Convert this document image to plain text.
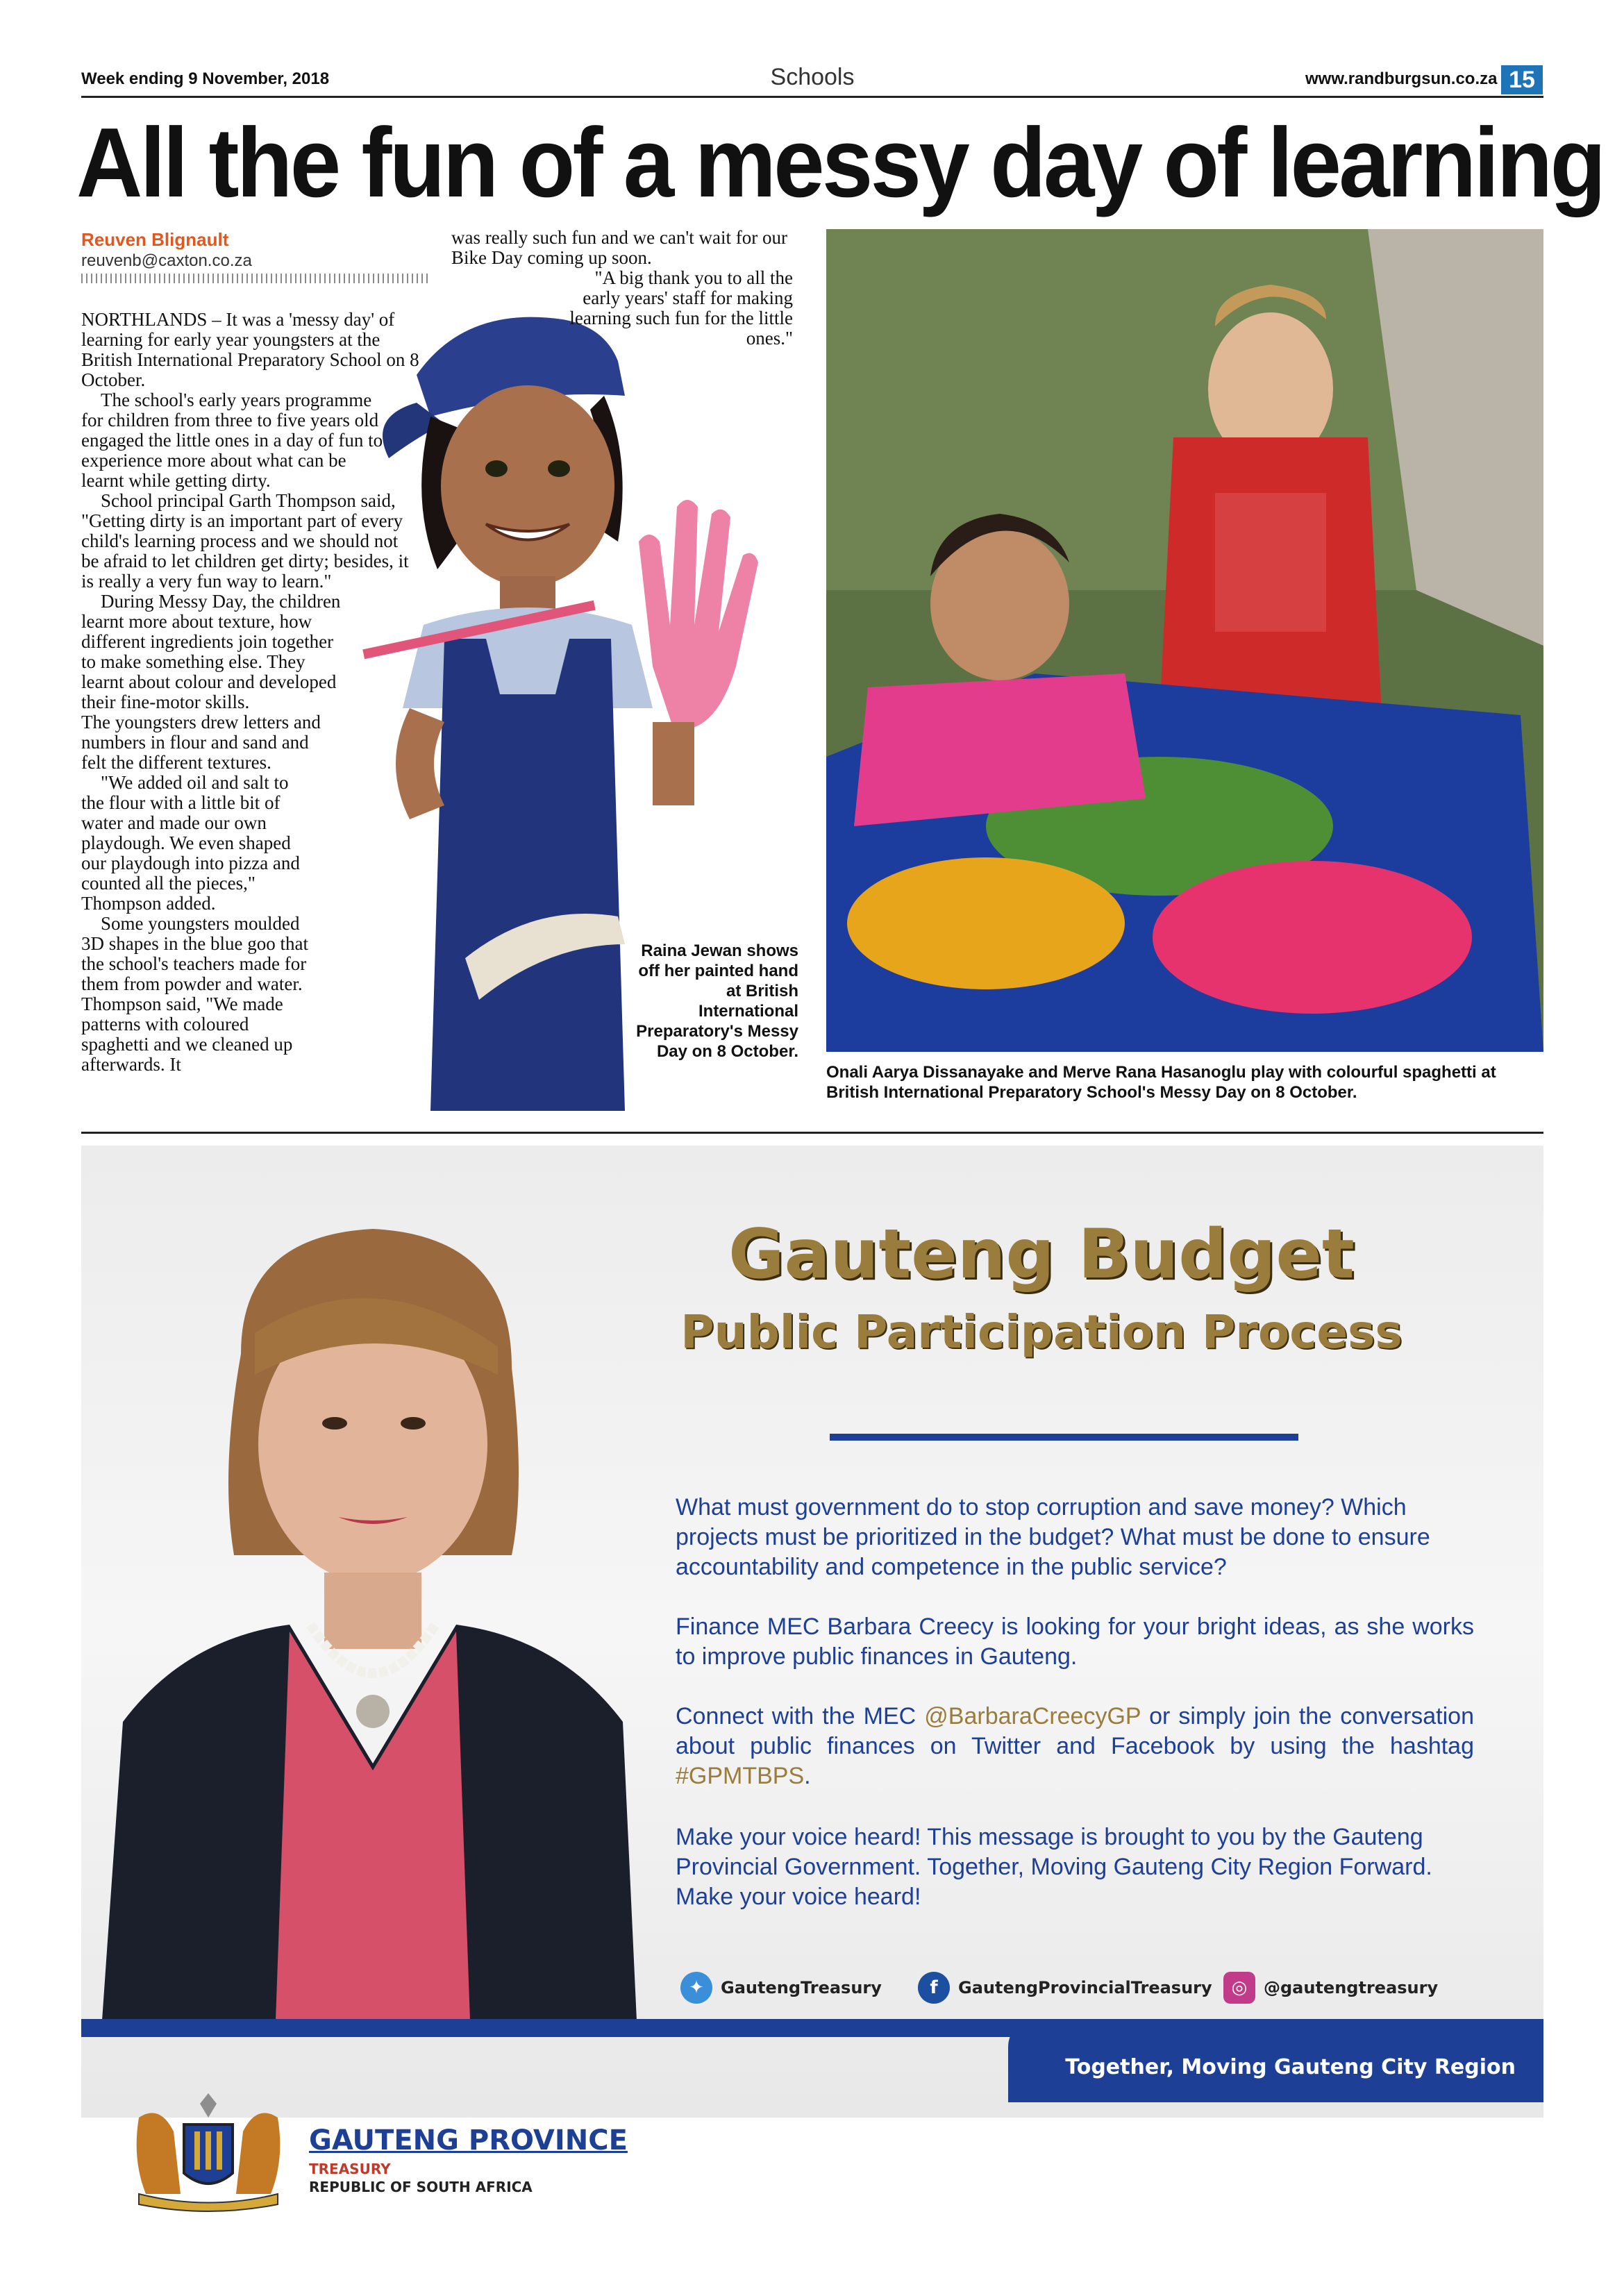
Week ending 9 November, 2018	Schools	www.randburgsun.co.za 15
All the fun of a messy day of learning
Reuven Blignault
reuvenb@caxton.co.za

NORTHLANDS – It was a 'messy day' of learning for early year youngsters at the British International Preparatory School on 8 October.

The school's early years programme for children from three to five years old engaged the little ones in a day of fun to experience more about what can be learnt while getting dirty.

School principal Garth Thompson said, "Getting dirty is an important part of every child's learning process and we should not be afraid to let children get dirty; besides, it is really a very fun way to learn."

During Messy Day, the children learnt more about texture, how different ingredients join together to make something else. They learnt about colour and developed their fine-motor skills.

The youngsters drew letters and numbers in flour and sand and felt the different textures.

"We added oil and salt to the flour with a little bit of water and made our own playdough. We even shaped our playdough into pizza and counted all the pieces," Thompson added.

Some youngsters moulded 3D shapes in the blue goo that the school's teachers made for them from powder and water. Thompson said, "We made patterns with coloured spaghetti and we cleaned up afterwards. It

was really such fun and we can't wait for our Bike Day coming up soon.

"A big thank you to all the early years' staff for making learning such fun for the little ones."

Raina Jewan shows off her painted hand at British International Preparatory's Messy Day on 8 October.
Onali Aarya Dissanayake and Merve Rana Hasanoglu play with colourful spaghetti at British International Preparatory School's Messy Day on 8 October.
Gauteng Budget
Public Participation Process
What must government do to stop corruption and save money? Which projects must be prioritized in the budget? What must be done to ensure accountability and competence in the public service?
Finance MEC Barbara Creecy is looking for your bright ideas, as she works to improve public finances in Gauteng.
Connect with the MEC @BarbaraCreecyGP or simply join the conversation about public finances on Twitter and Facebook by using the hashtag #GPMTBPS.
Make your voice heard! This message is brought to you by the Gauteng Provincial Government. Together, Moving Gauteng City Region Forward. Make your voice heard!
✦	GautengTreasury	f	GautengProvincialTreasury	◎ @gautengtreasury
Together, Moving Gauteng City Region Forward
GAUTENG PROVINCE
TREASURY
REPUBLIC OF SOUTH AFRICA
